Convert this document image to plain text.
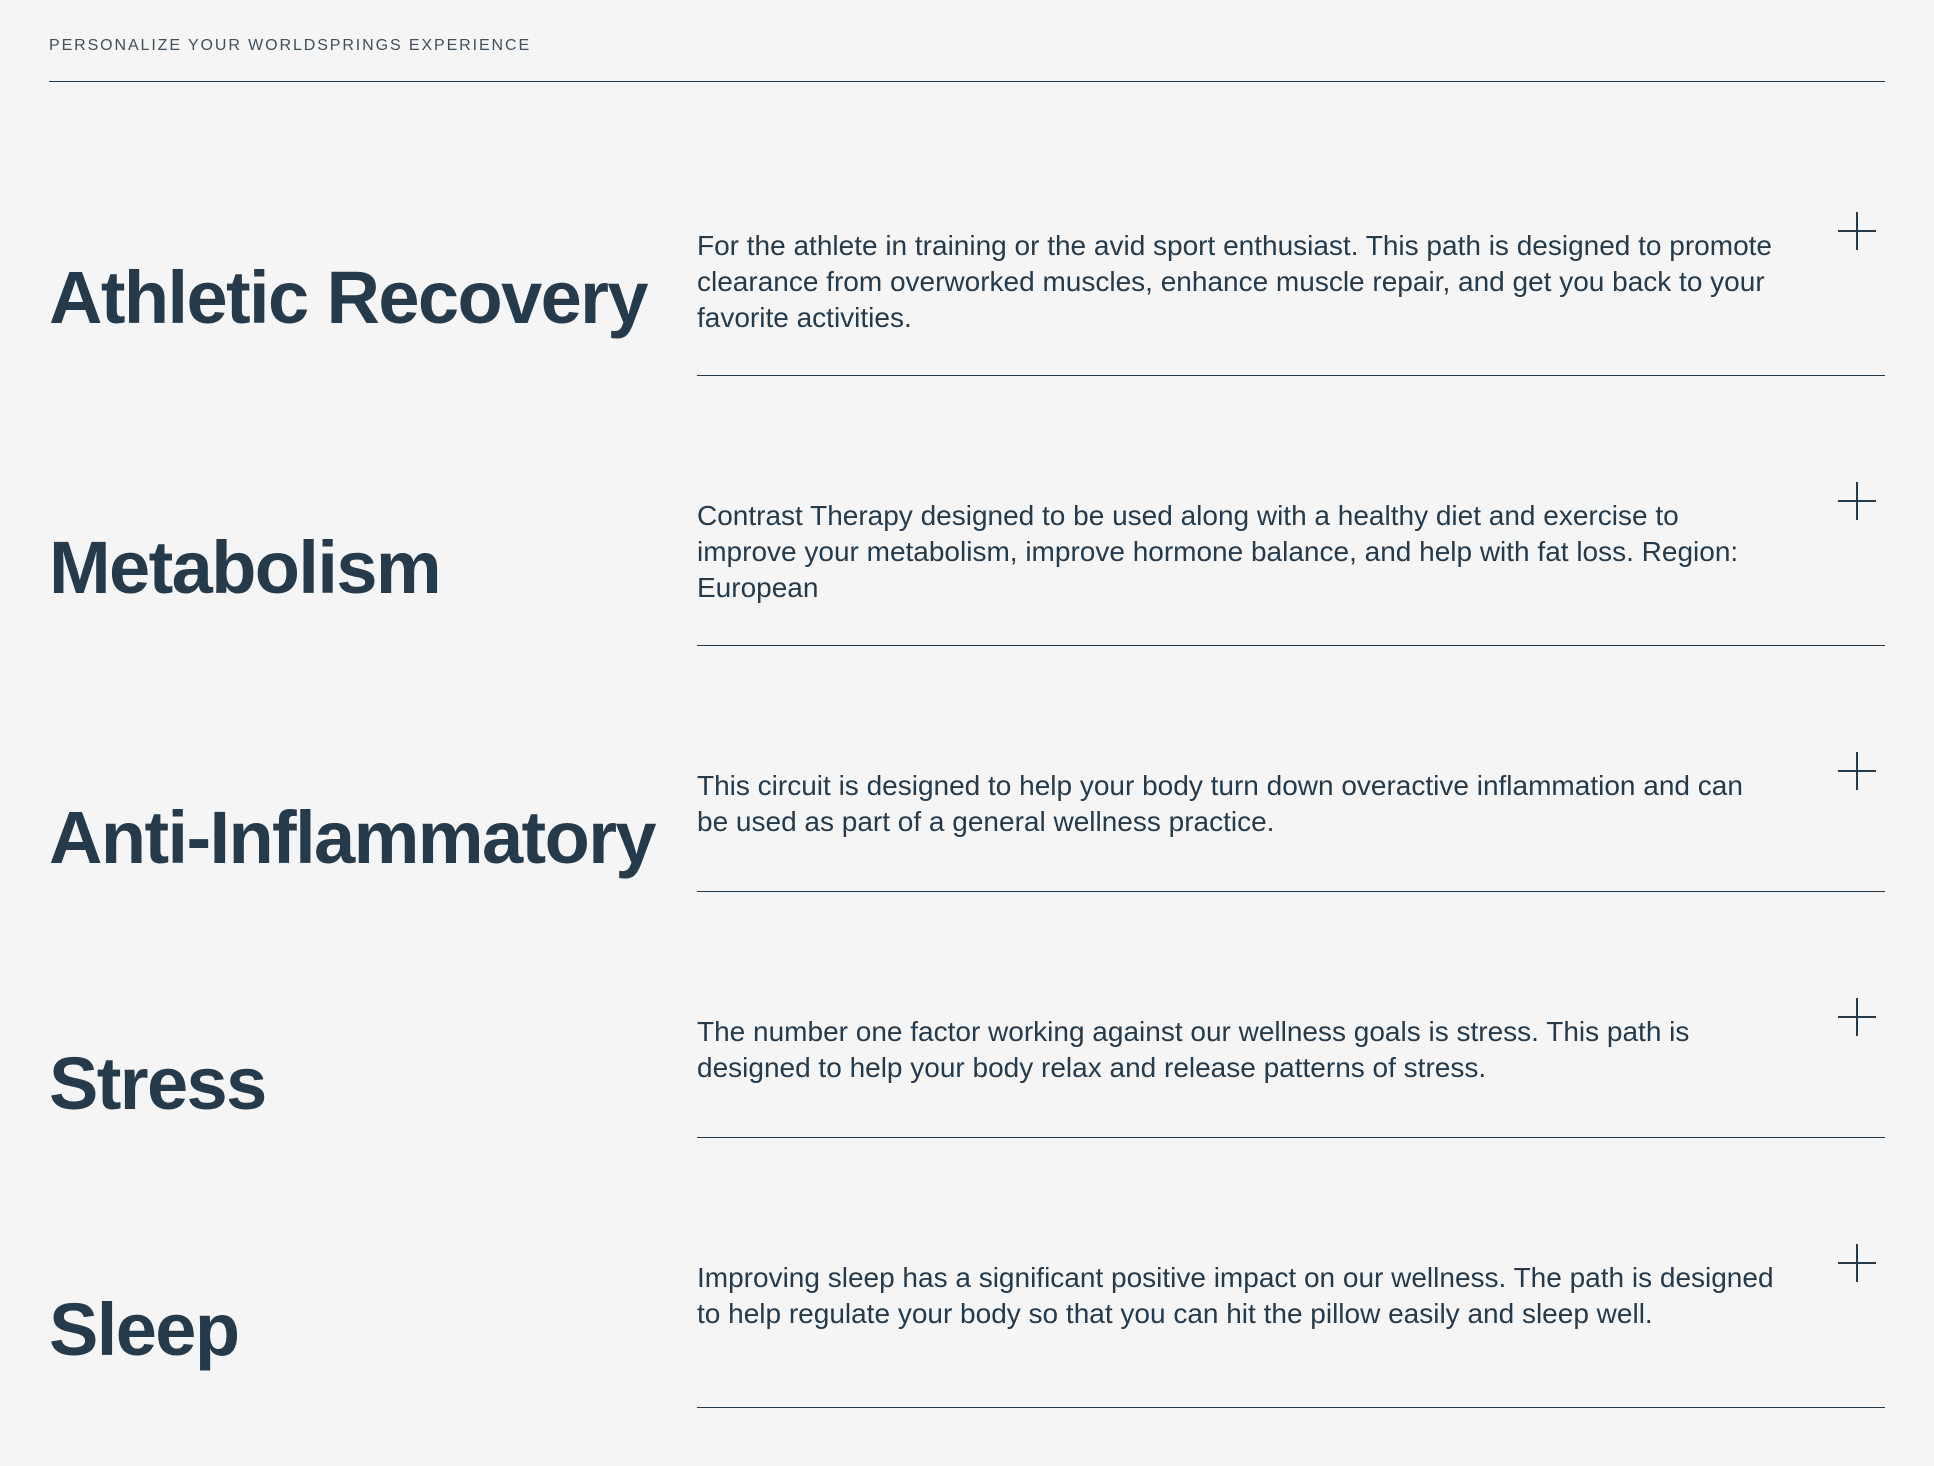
PERSONALIZE YOUR WORLDSPRINGS EXPERIENCE
Athletic Recovery

For the athlete in training or the avid sport enthusiast. This path is designed to promote clearance from overworked muscles, enhance muscle repair, and get you back to your favorite activities.

Metabolism

Contrast Therapy designed to be used along with a healthy diet and exercise to improve your metabolism, improve hormone balance, and help with fat loss. Region: European

Anti-Inflammatory

This circuit is designed to help your body turn down overactive inflammation and can be used as part of a general wellness practice.

Stress

The number one factor working against our wellness goals is stress. This path is designed to help your body relax and release patterns of stress.

Sleep

Improving sleep has a significant positive impact on our wellness. The path is designed to help regulate your body so that you can hit the pillow easily and sleep well.
